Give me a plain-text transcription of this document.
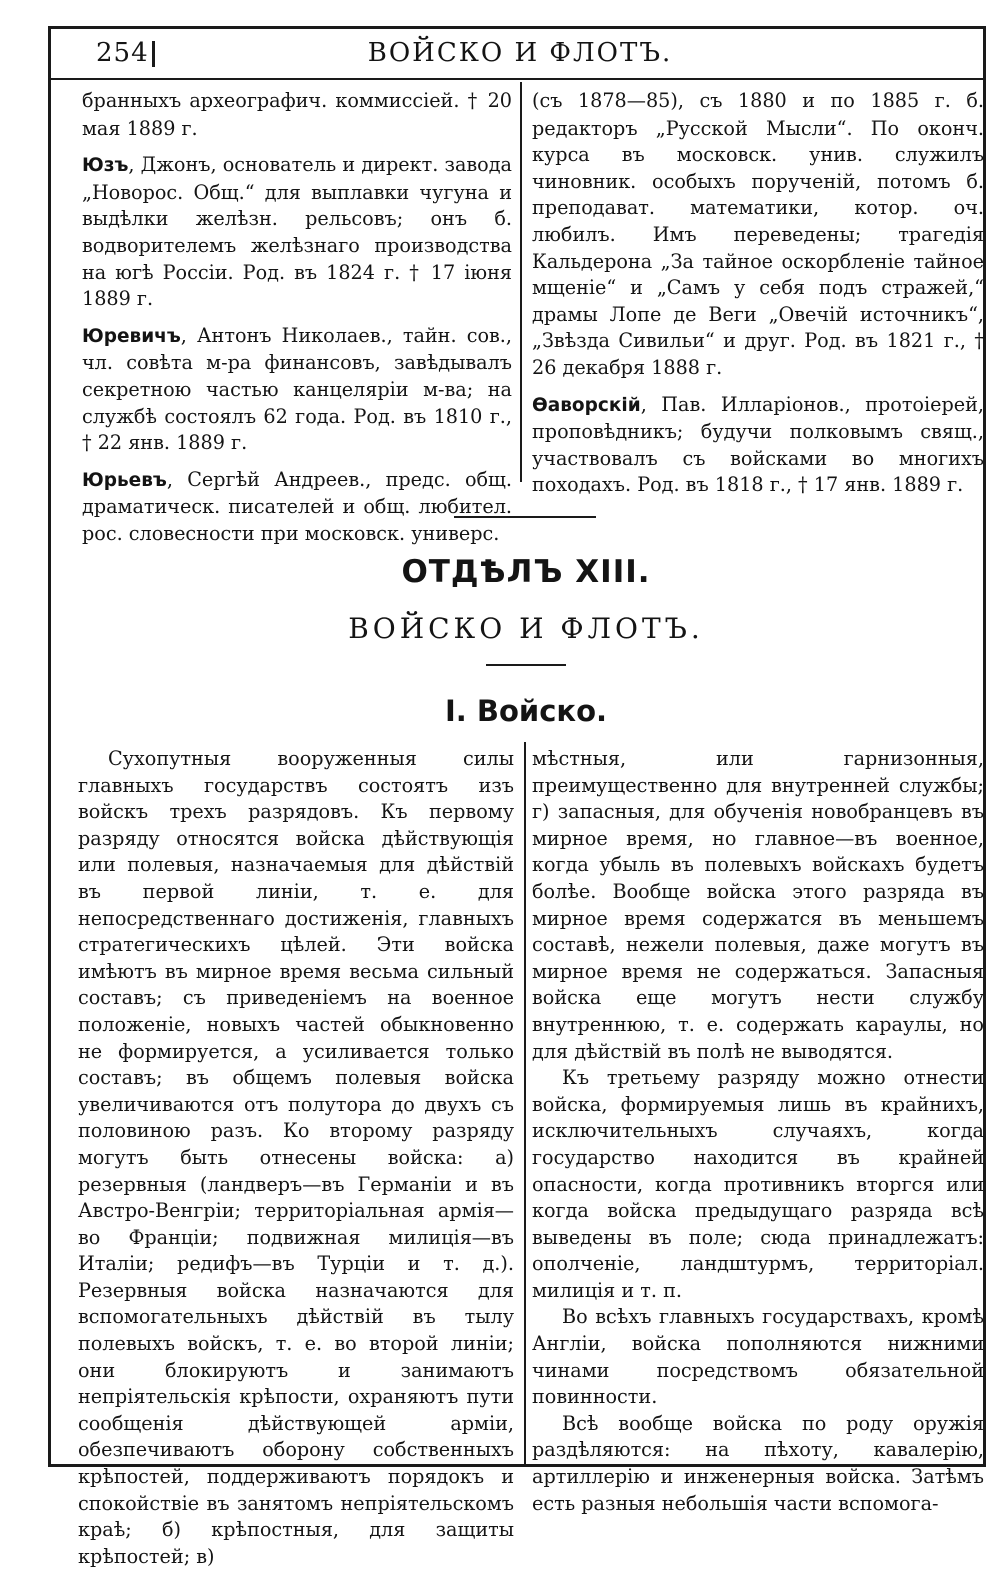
254	ВОЙСКО И ФЛОТЪ.

бранныхъ археографич. коммиссіей. † 20 мая 1889 г.

Юзъ, Джонъ, основатель и директ. завода „Новорос. Общ.“ для выплавки чугуна и выдѣлки желѣзн. рельсовъ; онъ б. водворителемъ желѣзнаго производства на югѣ Россіи. Род. въ 1824 г. † 17 іюня 1889 г.

Юревичъ, Антонъ Николаев., тайн. сов., чл. совѣта м-ра финансовъ, завѣдывалъ секретною частью канцеляріи м-ва; на службѣ состоялъ 62 года. Род. въ 1810 г., † 22 янв. 1889 г.

Юрьевъ, Сергѣй Андреев., предс. общ. драматическ. писателей и общ. любител. рос. словесности при московск. универс.

(съ 1878—85), съ 1880 и по 1885 г. б. редакторъ „Русской Мысли“. По оконч. курса въ московск. унив. служилъ чиновник. особыхъ порученій, потомъ б. преподават. математики, котор. оч. любилъ. Имъ переведены; трагедія Кальдерона „За тайное оскорбленіе тайное мщеніе“ и „Самъ у себя подъ стражей,“ драмы Лопе де Веги „Овечій источникъ“, „Звѣзда Сивильи“ и друг. Род. въ 1821 г., † 26 декабря 1888 г.

Ѳаворскій, Пав. Илларіонов., протоіерей, проповѣдникъ; будучи полковымъ свящ., участвовалъ съ войсками во многихъ походахъ. Род. въ 1818 г., † 17 янв. 1889 г.

ОТДѢЛЪ XIII.
ВОЙСКО И ФЛОТЪ.
I. Войско.

Сухопутныя вооруженныя силы главныхъ государствъ состоятъ изъ войскъ трехъ разрядовъ. Къ первому разряду относятся войска дѣйствующія или полевыя, назначаемыя для дѣйствій въ первой линіи, т. е. для непосредственнаго достиженія, главныхъ стратегическихъ цѣлей. Эти войска имѣютъ въ мирное время весьма сильный составъ; съ приведеніемъ на военное положеніе, новыхъ частей обыкновенно не формируется, а усиливается только составъ; въ общемъ полевыя войска увеличиваются отъ полутора до двухъ съ половиною разъ. Ко второму разряду могутъ быть отнесены войска: а) резервныя (ландверъ—въ Германіи и въ Австро-Венгріи; территоріальная армія—во Франціи; подвижная милиція—въ Италіи; редифъ—въ Турціи и т. д.). Резервныя войска назначаются для вспомогательныхъ дѣйствій въ тылу полевыхъ войскъ, т. е. во второй линіи; они блокируютъ и занимаютъ непріятельскія крѣпости, охраняютъ пути сообщенія дѣйствующей арміи, обезпечиваютъ оборону собственныхъ крѣпостей, поддерживаютъ порядокъ и спокойствіе въ занятомъ непріятельскомъ краѣ; б) крѣпостныя, для защиты крѣпостей; в)

мѣстныя, или гарнизонныя, преимущественно для внутренней службы; г) запасныя, для обученія новобранцевъ въ мирное время, но главное—въ военное, когда убыль въ полевыхъ войскахъ будетъ болѣе. Вообще войска этого разряда въ мирное время содержатся въ меньшемъ составѣ, нежели полевыя, даже могутъ въ мирное время не содержаться. Запасныя войска еще могутъ нести службу внутреннюю, т. е. содержать караулы, но для дѣйствій въ полѣ не выводятся.

Къ третьему разряду можно отнести войска, формируемыя лишь въ крайнихъ, исключительныхъ случаяхъ, когда государство находится въ крайней опасности, когда противникъ вторгся или когда войска предыдущаго разряда всѣ выведены въ поле; сюда принадлежатъ: ополченіе, ландштурмъ, территоріал. милиція и т. п.

Во всѣхъ главныхъ государствахъ, кромѣ Англіи, войска пополняются нижними чинами посредствомъ обязательной повинности.

Всѣ вообще войска по роду оружія раздѣляются: на пѣхоту, кавалерію, артиллерію и инженерныя войска. Затѣмъ есть разныя небольшія части вспомога-
